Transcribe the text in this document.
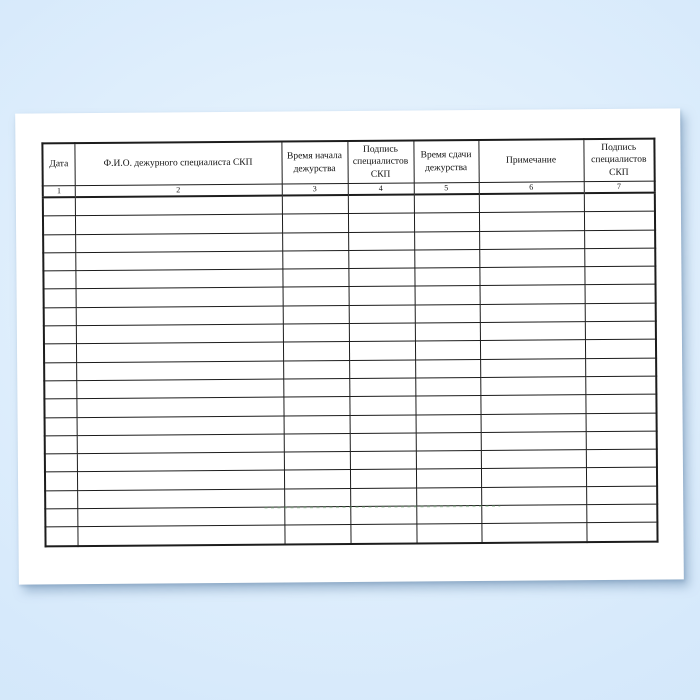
Дата	Ф.И.О. дежурного специалиста СКП	Время начала дежурства	Подпись специалистов СКП	Время сдачи дежурства	Примечание	Подпись специалистов СКП
1	2	3	4	5	6	7
